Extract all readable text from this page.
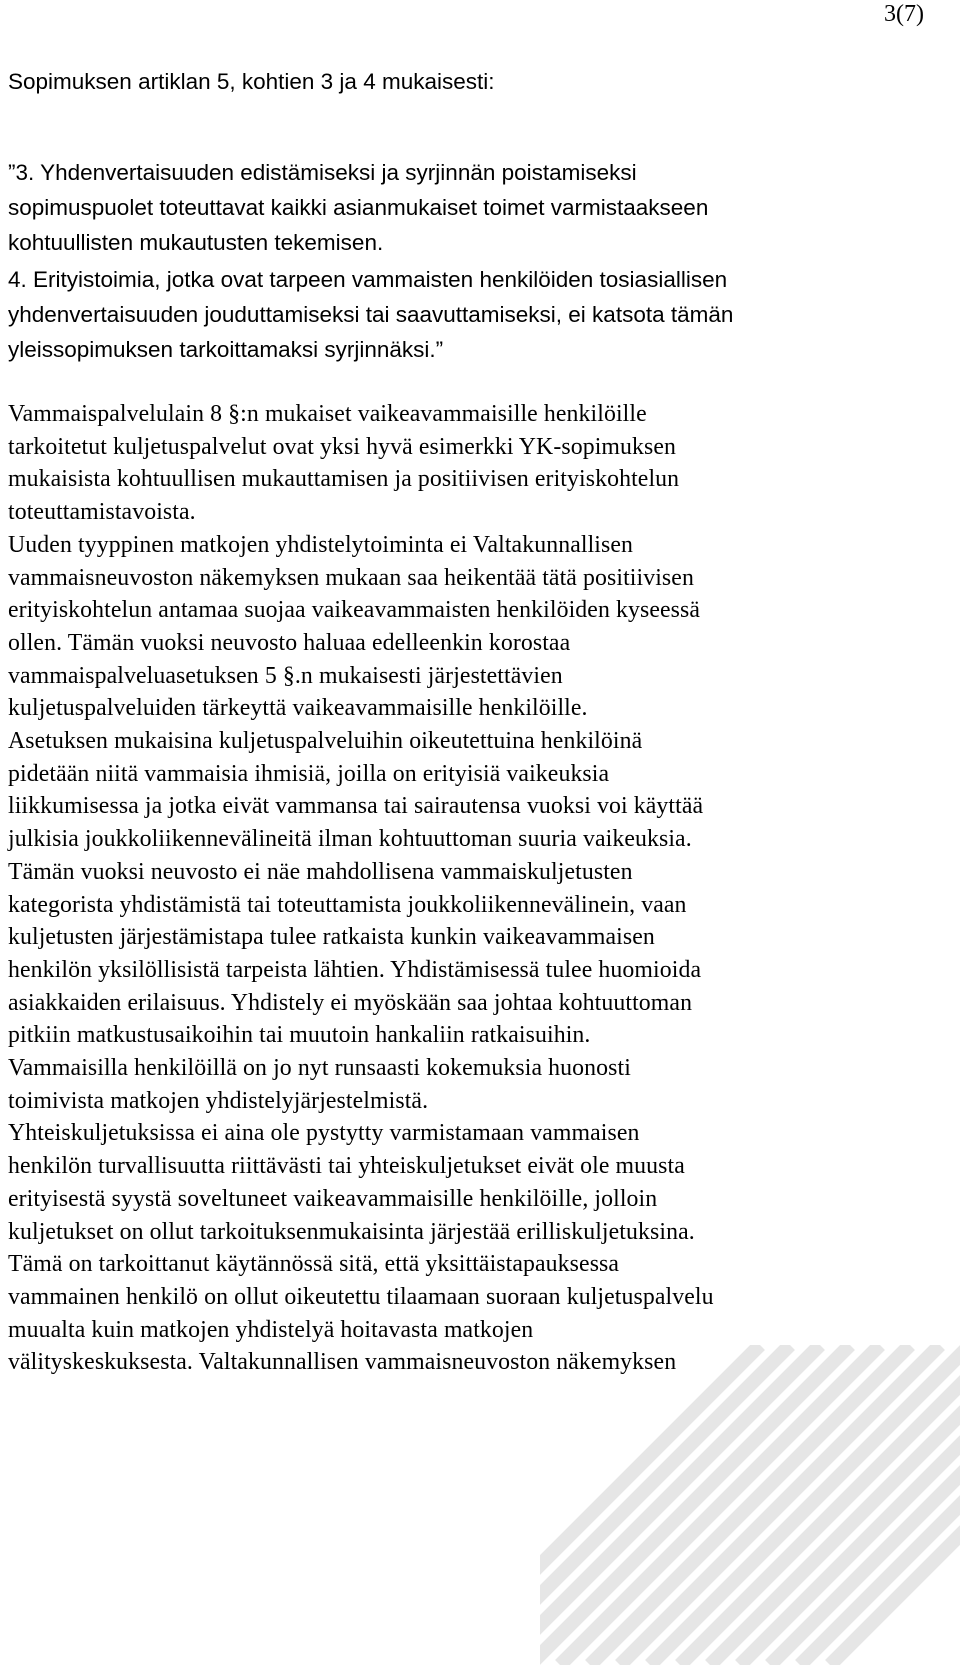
3(7)

Sopimuksen artiklan 5, kohtien 3 ja 4 mukaisesti:

”3. Yhdenvertaisuuden edistämiseksi ja syrjinnän poistamiseksi
sopimuspuolet toteuttavat kaikki asianmukaiset toimet varmistaakseen
kohtuullisten mukautusten tekemisen.

4. Erityistoimia, jotka ovat tarpeen vammaisten henkilöiden tosiasiallisen
yhdenvertaisuuden jouduttamiseksi tai saavuttamiseksi, ei katsota tämän
yleissopimuksen tarkoittamaksi syrjinnäksi.”

Vammaispalvelulain 8 §:n mukaiset vaikeavammaisille henkilöille
tarkoitetut kuljetuspalvelut ovat yksi hyvä esimerkki YK-sopimuksen
mukaisista kohtuullisen mukauttamisen ja positiivisen erityiskohtelun
toteuttamistavoista.
Uuden tyyppinen matkojen yhdistelytoiminta ei Valtakunnallisen
vammaisneuvoston näkemyksen mukaan saa heikentää tätä positiivisen
erityiskohtelun antamaa suojaa vaikeavammaisten henkilöiden kyseessä
ollen. Tämän vuoksi neuvosto haluaa edelleenkin korostaa
vammaispalveluasetuksen 5 §.n mukaisesti järjestettävien
kuljetuspalveluiden tärkeyttä vaikeavammaisille henkilöille.
Asetuksen mukaisina kuljetuspalveluihin oikeutettuina henkilöinä
pidetään niitä vammaisia ihmisiä, joilla on erityisiä vaikeuksia
liikkumisessa ja jotka eivät vammansa tai sairautensa vuoksi voi käyttää
julkisia joukkoliikennevälineitä ilman kohtuuttoman suuria vaikeuksia.
Tämän vuoksi neuvosto ei näe mahdollisena vammaiskuljetusten
kategorista yhdistämistä tai toteuttamista joukkoliikennevälinein, vaan
kuljetusten järjestämistapa tulee ratkaista kunkin vaikeavammaisen
henkilön yksilöllisistä tarpeista lähtien. Yhdistämisessä tulee huomioida
asiakkaiden erilaisuus. Yhdistely ei myöskään saa johtaa kohtuuttoman
pitkiin matkustusaikoihin tai muutoin hankaliin ratkaisuihin.
Vammaisilla henkilöillä on jo nyt runsaasti kokemuksia huonosti
toimivista matkojen yhdistelyjärjestelmistä.
Yhteiskuljetuksissa ei aina ole pystytty varmistamaan vammaisen
henkilön turvallisuutta riittävästi tai yhteiskuljetukset eivät ole muusta
erityisestä syystä soveltuneet vaikeavammaisille henkilöille, jolloin
kuljetukset on ollut tarkoituksenmukaisinta järjestää erilliskuljetuksina.
Tämä on tarkoittanut käytännössä sitä, että yksittäistapauksessa
vammainen henkilö on ollut oikeutettu tilaamaan suoraan kuljetuspalvelu
muualta kuin matkojen yhdistelyä hoitavasta matkojen
välityskeskuksesta. Valtakunnallisen vammaisneuvoston näkemyksen
